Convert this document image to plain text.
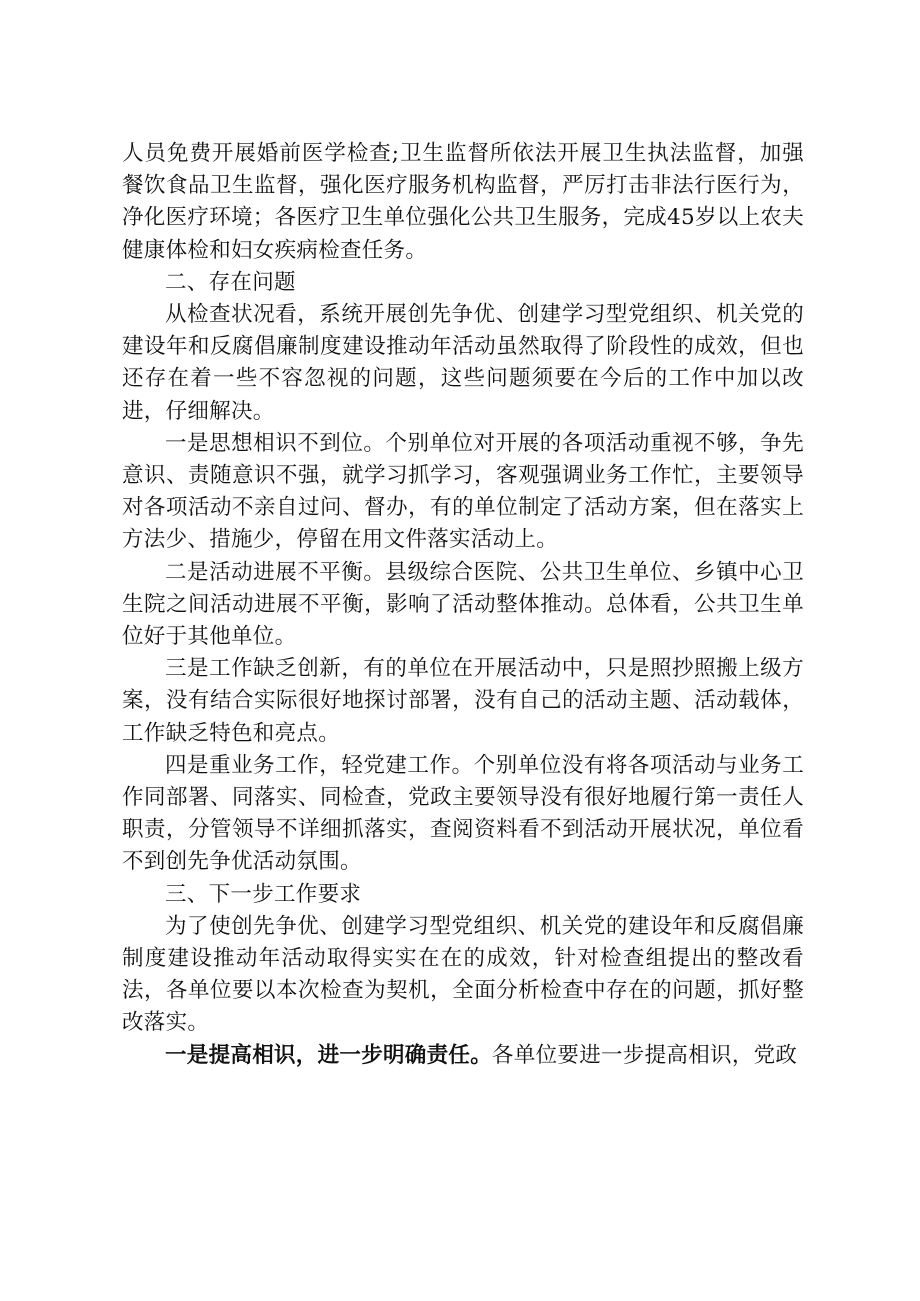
人员免费开展婚前医学检查;卫生监督所依法开展卫生执法监督，加强餐饮食品卫生监督，强化医疗服务机构监督，严厉打击非法行医行为，净化医疗环境；各医疗卫生单位强化公共卫生服务，完成45岁以上农夫健康体检和妇女疾病检查任务。

二、存在问题

从检查状况看，系统开展创先争优、创建学习型党组织、机关党的建设年和反腐倡廉制度建设推动年活动虽然取得了阶段性的成效，但也还存在着一些不容忽视的问题，这些问题须要在今后的工作中加以改进，仔细解决。

一是思想相识不到位。个别单位对开展的各项活动重视不够，争先意识、责随意识不强，就学习抓学习，客观强调业务工作忙，主要领导对各项活动不亲自过问、督办，有的单位制定了活动方案，但在落实上方法少、措施少，停留在用文件落实活动上。

二是活动进展不平衡。县级综合医院、公共卫生单位、乡镇中心卫生院之间活动进展不平衡，影响了活动整体推动。总体看，公共卫生单位好于其他单位。

三是工作缺乏创新，有的单位在开展活动中，只是照抄照搬上级方案，没有结合实际很好地探讨部署，没有自己的活动主题、活动载体，工作缺乏特色和亮点。

四是重业务工作，轻党建工作。个别单位没有将各项活动与业务工作同部署、同落实、同检查，党政主要领导没有很好地履行第一责任人职责，分管领导不详细抓落实，查阅资料看不到活动开展状况，单位看不到创先争优活动氛围。

三、下一步工作要求

为了使创先争优、创建学习型党组织、机关党的建设年和反腐倡廉制度建设推动年活动取得实实在在的成效，针对检查组提出的整改看法，各单位要以本次检查为契机，全面分析检查中存在的问题，抓好整改落实。

一是提高相识，进一步明确责任。各单位要进一步提高相识，党政
